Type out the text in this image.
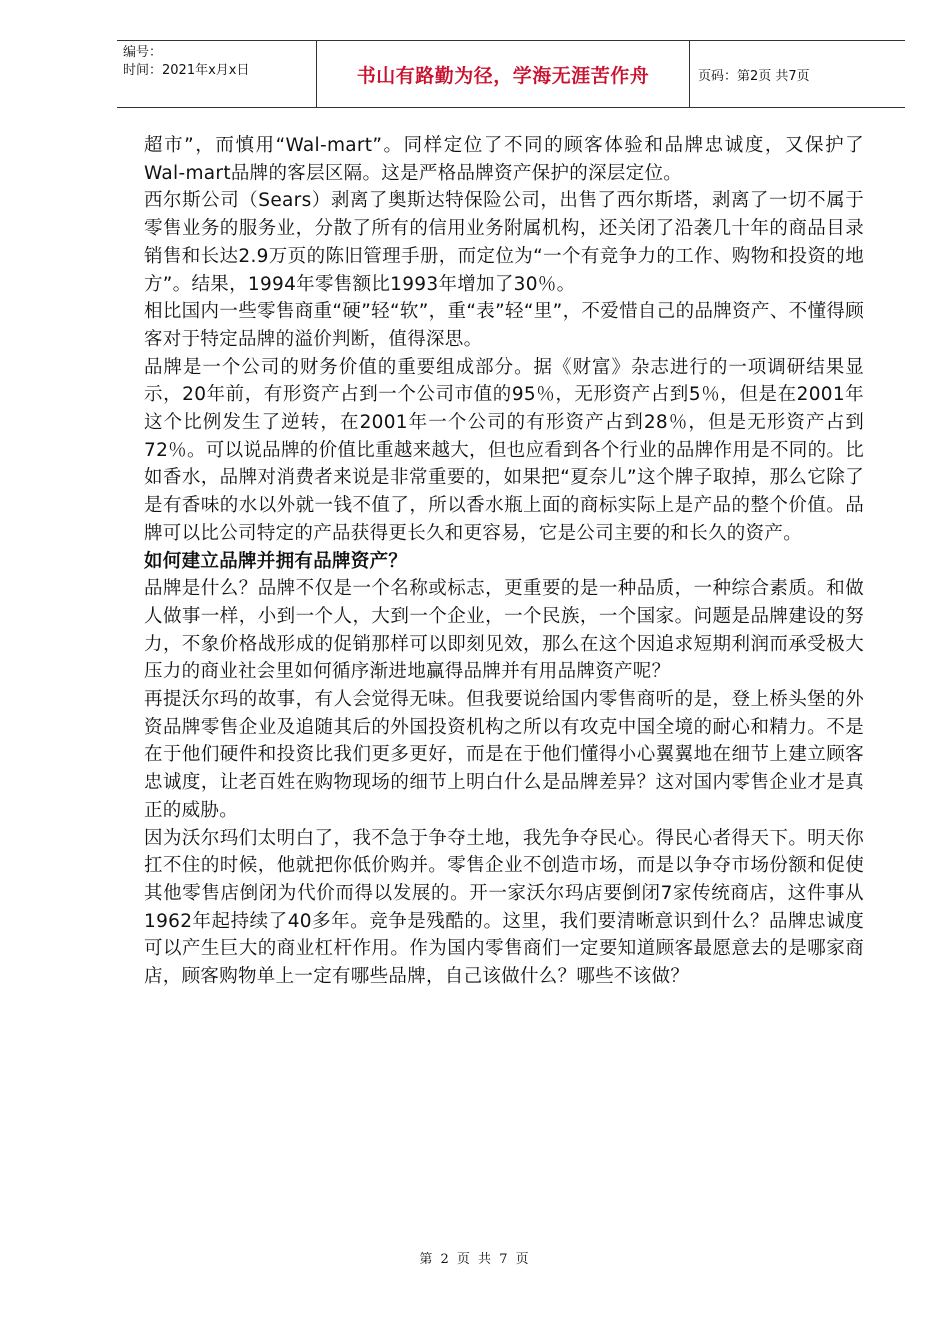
编号：
时间：2021年x月x日	书山有路勤为径，学海无涯苦作舟	页码：第2页 共7页

超市”，而慎用“Wal-mart”。同样定位了不同的顾客体验和品牌忠诚度，又保护了Wal-mart品牌的客层区隔。这是严格品牌资产保护的深层定位。

西尔斯公司（Sears）剥离了奥斯达特保险公司，出售了西尔斯塔，剥离了一切不属于零售业务的服务业，分散了所有的信用业务附属机构，还关闭了沿袭几十年的商品目录销售和长达2.9万页的陈旧管理手册，而定位为“一个有竞争力的工作、购物和投资的地方”。结果，1994年零售额比1993年增加了30％。

相比国内一些零售商重“硬”轻“软”，重“表”轻“里”，不爱惜自己的品牌资产、不懂得顾客对于特定品牌的溢价判断，值得深思。

品牌是一个公司的财务价值的重要组成部分。据《财富》杂志进行的一项调研结果显示，20年前，有形资产占到一个公司市值的95％，无形资产占到5％，但是在2001年这个比例发生了逆转，在2001年一个公司的有形资产占到28％，但是无形资产占到72％。可以说品牌的价值比重越来越大，但也应看到各个行业的品牌作用是不同的。比如香水，品牌对消费者来说是非常重要的，如果把“夏奈儿”这个牌子取掉，那么它除了是有香味的水以外就一钱不值了，所以香水瓶上面的商标实际上是产品的整个价值。品牌可以比公司特定的产品获得更长久和更容易，它是公司主要的和长久的资产。

如何建立品牌并拥有品牌资产？

品牌是什么？品牌不仅是一个名称或标志，更重要的是一种品质，一种综合素质。和做人做事一样，小到一个人，大到一个企业，一个民族，一个国家。问题是品牌建设的努力，不象价格战形成的促销那样可以即刻见效，那么在这个因追求短期利润而承受极大压力的商业社会里如何循序渐进地赢得品牌并有用品牌资产呢？

再提沃尔玛的故事，有人会觉得无味。但我要说给国内零售商听的是，登上桥头堡的外资品牌零售企业及追随其后的外国投资机构之所以有攻克中国全境的耐心和精力。不是在于他们硬件和投资比我们更多更好，而是在于他们懂得小心翼翼地在细节上建立顾客忠诚度，让老百姓在购物现场的细节上明白什么是品牌差异？这对国内零售企业才是真正的威胁。

因为沃尔玛们太明白了，我不急于争夺土地，我先争夺民心。得民心者得天下。明天你扛不住的时候，他就把你低价购并。零售企业不创造市场，而是以争夺市场份额和促使其他零售店倒闭为代价而得以发展的。开一家沃尔玛店要倒闭7家传统商店，这件事从1962年起持续了40多年。竞争是残酷的。这里，我们要清晰意识到什么？品牌忠诚度可以产生巨大的商业杠杆作用。作为国内零售商们一定要知道顾客最愿意去的是哪家商店，顾客购物单上一定有哪些品牌，自己该做什么？哪些不该做？

第 2 页 共 7 页
